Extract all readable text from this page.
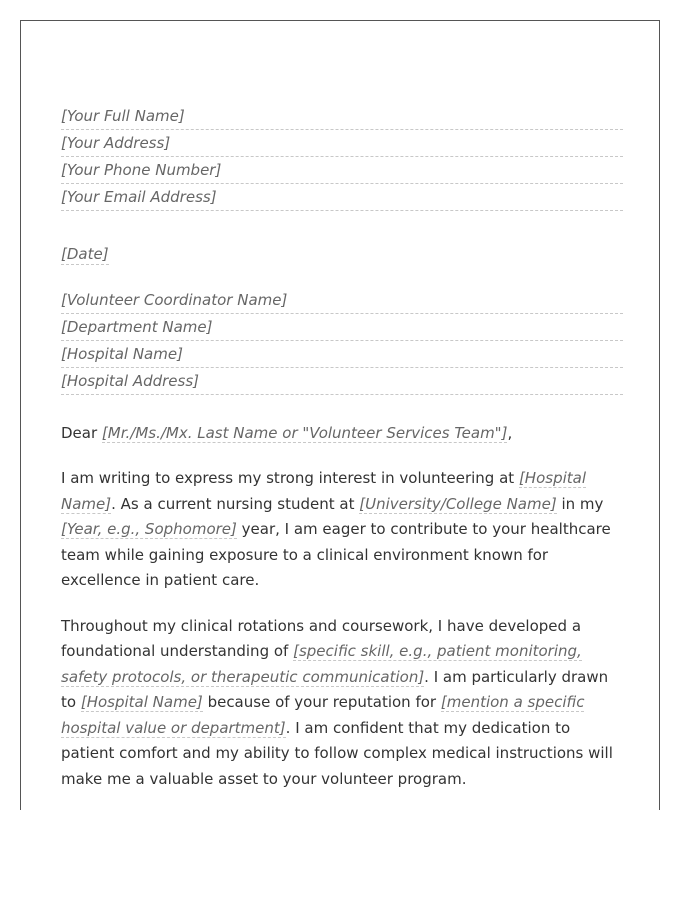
[Your Full Name]
[Your Address]
[Your Phone Number]
[Your Email Address]
[Date]
[Volunteer Coordinator Name]
[Department Name]
[Hospital Name]
[Hospital Address]
Dear [Mr./Ms./Mx. Last Name or "Volunteer Services Team"],

I am writing to express my strong interest in volunteering at [Hospital Name]. As a current nursing student at [University/College Name] in my [Year, e.g., Sophomore] year, I am eager to contribute to your healthcare team while gaining exposure to a clinical environment known for excellence in patient care.

Throughout my clinical rotations and coursework, I have developed a foundational understanding of [specific skill, e.g., patient monitoring, safety protocols, or therapeutic communication]. I am particularly drawn to [Hospital Name] because of your reputation for [mention a specific hospital value or department]. I am confident that my dedication to patient comfort and my ability to follow complex medical instructions will make me a valuable asset to your volunteer program.
